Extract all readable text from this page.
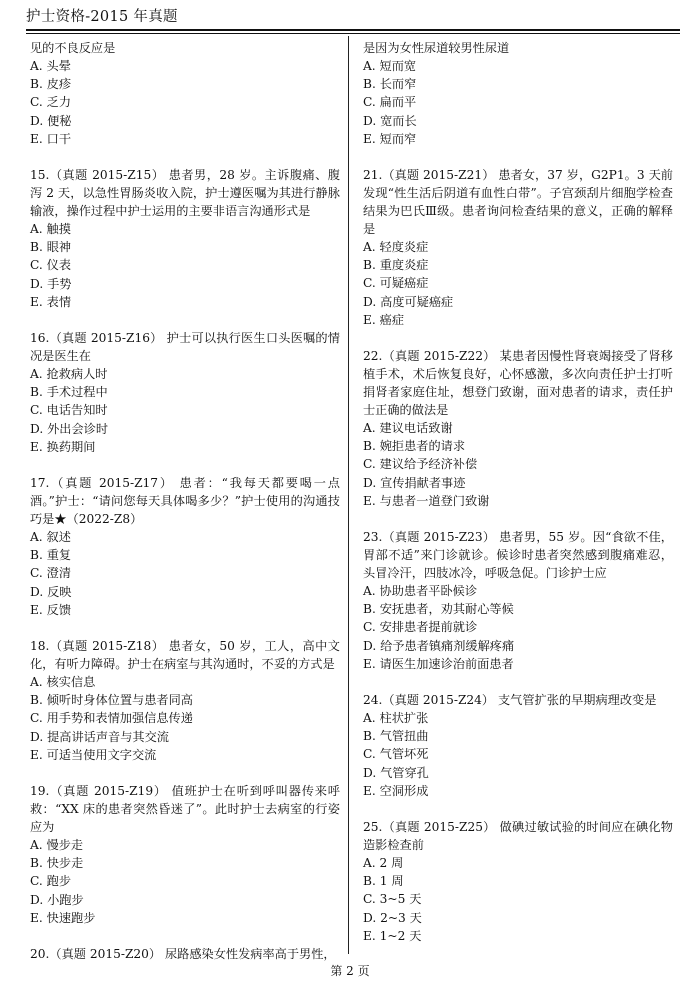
护士资格-2015 年真题

见的不良反应是

A. 头晕

B. 皮疹

C. 乏力

D. 便秘

E. 口干

15.（真题 2015-Z15） 患者男，28 岁。主诉腹痛、腹泻 2 天，以急性胃肠炎收入院，护士遵医嘱为其进行静脉输液，操作过程中护士运用的主要非语言沟通形式是

A. 触摸

B. 眼神

C. 仪表

D. 手势

E. 表情

16.（真题 2015-Z16） 护士可以执行医生口头医嘱的情况是医生在

A. 抢救病人时

B. 手术过程中

C. 电话告知时

D. 外出会诊时

E. 换药期间

17.（真题 2015-Z17） 患者：“我每天都要喝一点酒。”护士：“请问您每天具体喝多少？”护士使用的沟通技巧是★（2022-Z8）

A. 叙述

B. 重复

C. 澄清

D. 反映

E. 反馈

18.（真题 2015-Z18） 患者女，50 岁，工人，高中文化，有听力障碍。护士在病室与其沟通时，不妥的方式是

A. 核实信息

B. 倾听时身体位置与患者同高

C. 用手势和表情加强信息传递

D. 提高讲话声音与其交流

E. 可适当使用文字交流

19.（真题 2015-Z19） 值班护士在听到呼叫器传来呼救：“XX 床的患者突然昏迷了”。此时护士去病室的行姿应为

A. 慢步走

B. 快步走

C. 跑步

D. 小跑步

E. 快速跑步

20.（真题 2015-Z20） 尿路感染女性发病率高于男性，

是因为女性尿道较男性尿道

A. 短而宽

B. 长而窄

C. 扁而平

D. 宽而长

E. 短而窄

21.（真题 2015-Z21） 患者女，37 岁，G2P1。3 天前发现“性生活后阴道有血性白带”。子宫颈刮片细胞学检查结果为巴氏Ⅲ级。患者询问检查结果的意义，正确的解释是

A. 轻度炎症

B. 重度炎症

C. 可疑癌症

D. 高度可疑癌症

E. 癌症

22.（真题 2015-Z22） 某患者因慢性肾衰竭接受了肾移植手术，术后恢复良好，心怀感激，多次向责任护士打听捐肾者家庭住址，想登门致谢，面对患者的请求，责任护士正确的做法是

A. 建议电话致谢

B. 婉拒患者的请求

C. 建议给予经济补偿

D. 宣传捐献者事迹

E. 与患者一道登门致谢

23.（真题 2015-Z23） 患者男，55 岁。因“食欲不佳，胃部不适”来门诊就诊。候诊时患者突然感到腹痛难忍，头冒冷汗，四肢冰冷，呼吸急促。门诊护士应

A. 协助患者平卧候诊

B. 安抚患者，劝其耐心等候

C. 安排患者提前就诊

D. 给予患者镇痛剂缓解疼痛

E. 请医生加速诊治前面患者

24.（真题 2015-Z24） 支气管扩张的早期病理改变是

A. 柱状扩张

B. 气管扭曲

C. 气管坏死

D. 气管穿孔

E. 空洞形成

25.（真题 2015-Z25） 做碘过敏试验的时间应在碘化物造影检查前

A. 2 周

B. 1 周

C. 3~5 天

D. 2~3 天

E. 1~2 天

第 2 页
